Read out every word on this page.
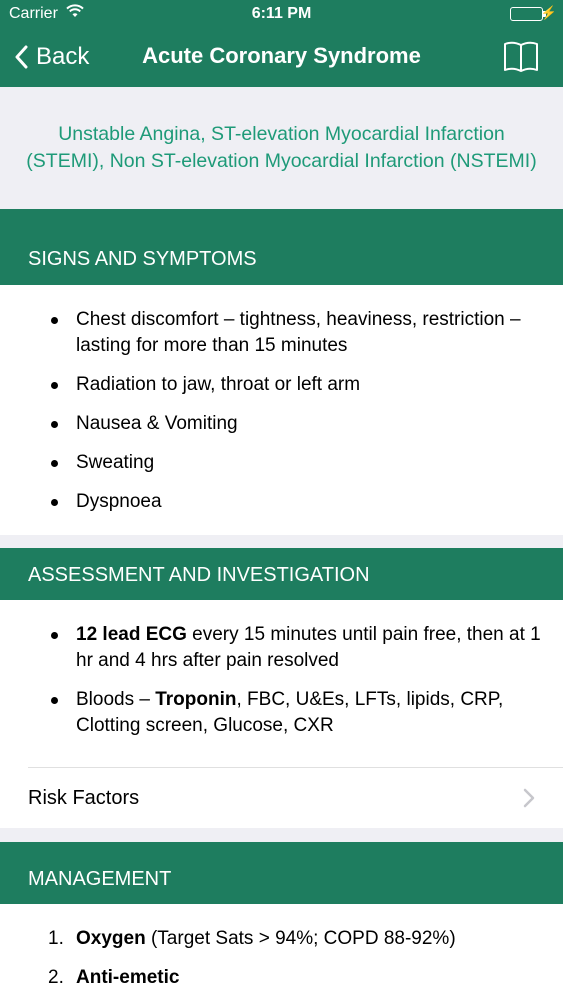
Carrier	6:11 PM	⚡
Back	Acute Coronary Syndrome
Unstable Angina, ST-elevation Myocardial Infarction
(STEMI), Non ST-elevation Myocardial Infarction (NSTEMI)
SIGNS AND SYMPTOMS
Chest discomfort – tightness, heaviness, restriction – lasting for more than 15 minutes
Radiation to jaw, throat or left arm
Nausea & Vomiting
Sweating
Dyspnoea
ASSESSMENT AND INVESTIGATION
12 lead ECG every 15 minutes until pain free, then at 1 hr and 4 hrs after pain resolved
Bloods – Troponin, FBC, U&Es, LFTs, lipids, CRP, Clotting screen, Glucose, CXR
Risk Factors
MANAGEMENT
1. Oxygen (Target Sats > 94%; COPD 88-92%)
2. Anti-emetic
